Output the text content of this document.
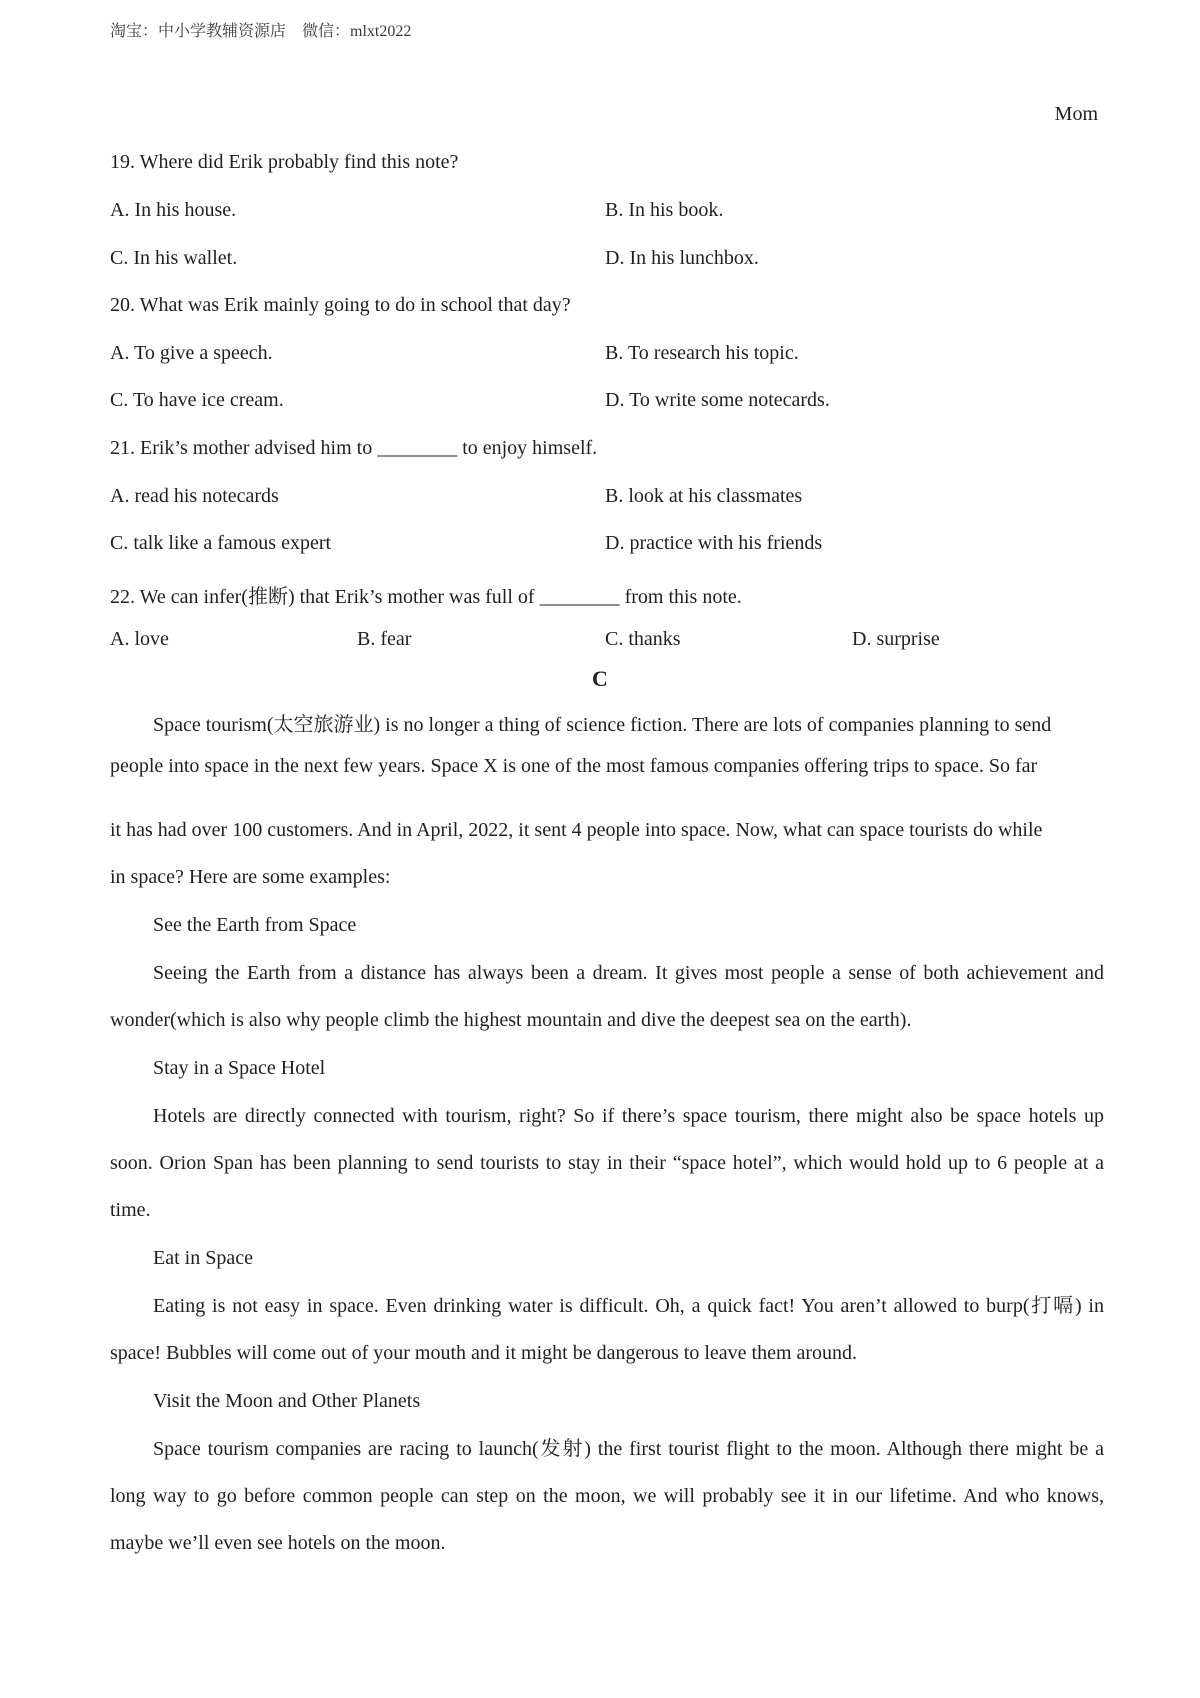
淘宝：中小学教辅资源店　微信：mlxt2022
Mom
19. Where did Erik probably find this note?
A. In his house.	B. In his book.
C. In his wallet.	D. In his lunchbox.
20. What was Erik mainly going to do in school that day?
A. To give a speech.	B. To research his topic.
C. To have ice cream.	D. To write some notecards.
21. Erik’s mother advised him to ________ to enjoy himself.
A. read his notecards	B. look at his classmates
C. talk like a famous expert	D. practice with his friends
22. We can infer(推断) that Erik’s mother was full of ________ from this note.
A. love	B. fear	C. thanks	D. surprise
C
Space tourism(太空旅游业) is no longer a thing of science fiction. There are lots of companies planning to send
people into space in the next few years. Space X is one of the most famous companies offering trips to space. So far
it has had over 100 customers. And in April, 2022, it sent 4 people into space. Now, what can space tourists do while
in space? Here are some examples:
See the Earth from Space
Seeing the Earth from a distance has always been a dream. It gives most people a sense of both achievement and wonder(which is also why people climb the highest mountain and dive the deepest sea on the earth).
Stay in a Space Hotel
Hotels are directly connected with tourism, right? So if there’s space tourism, there might also be space hotels up soon. Orion Span has been planning to send tourists to stay in their “space hotel”, which would hold up to 6 people at a time.
Eat in Space
Eating is not easy in space. Even drinking water is difficult. Oh, a quick fact! You aren’t allowed to burp(打嗝) in space! Bubbles will come out of your mouth and it might be dangerous to leave them around.
Visit the Moon and Other Planets
Space tourism companies are racing to launch(发射) the first tourist flight to the moon. Although there might be a long way to go before common people can step on the moon, we will probably see it in our lifetime. And who knows, maybe we’ll even see hotels on the moon.
